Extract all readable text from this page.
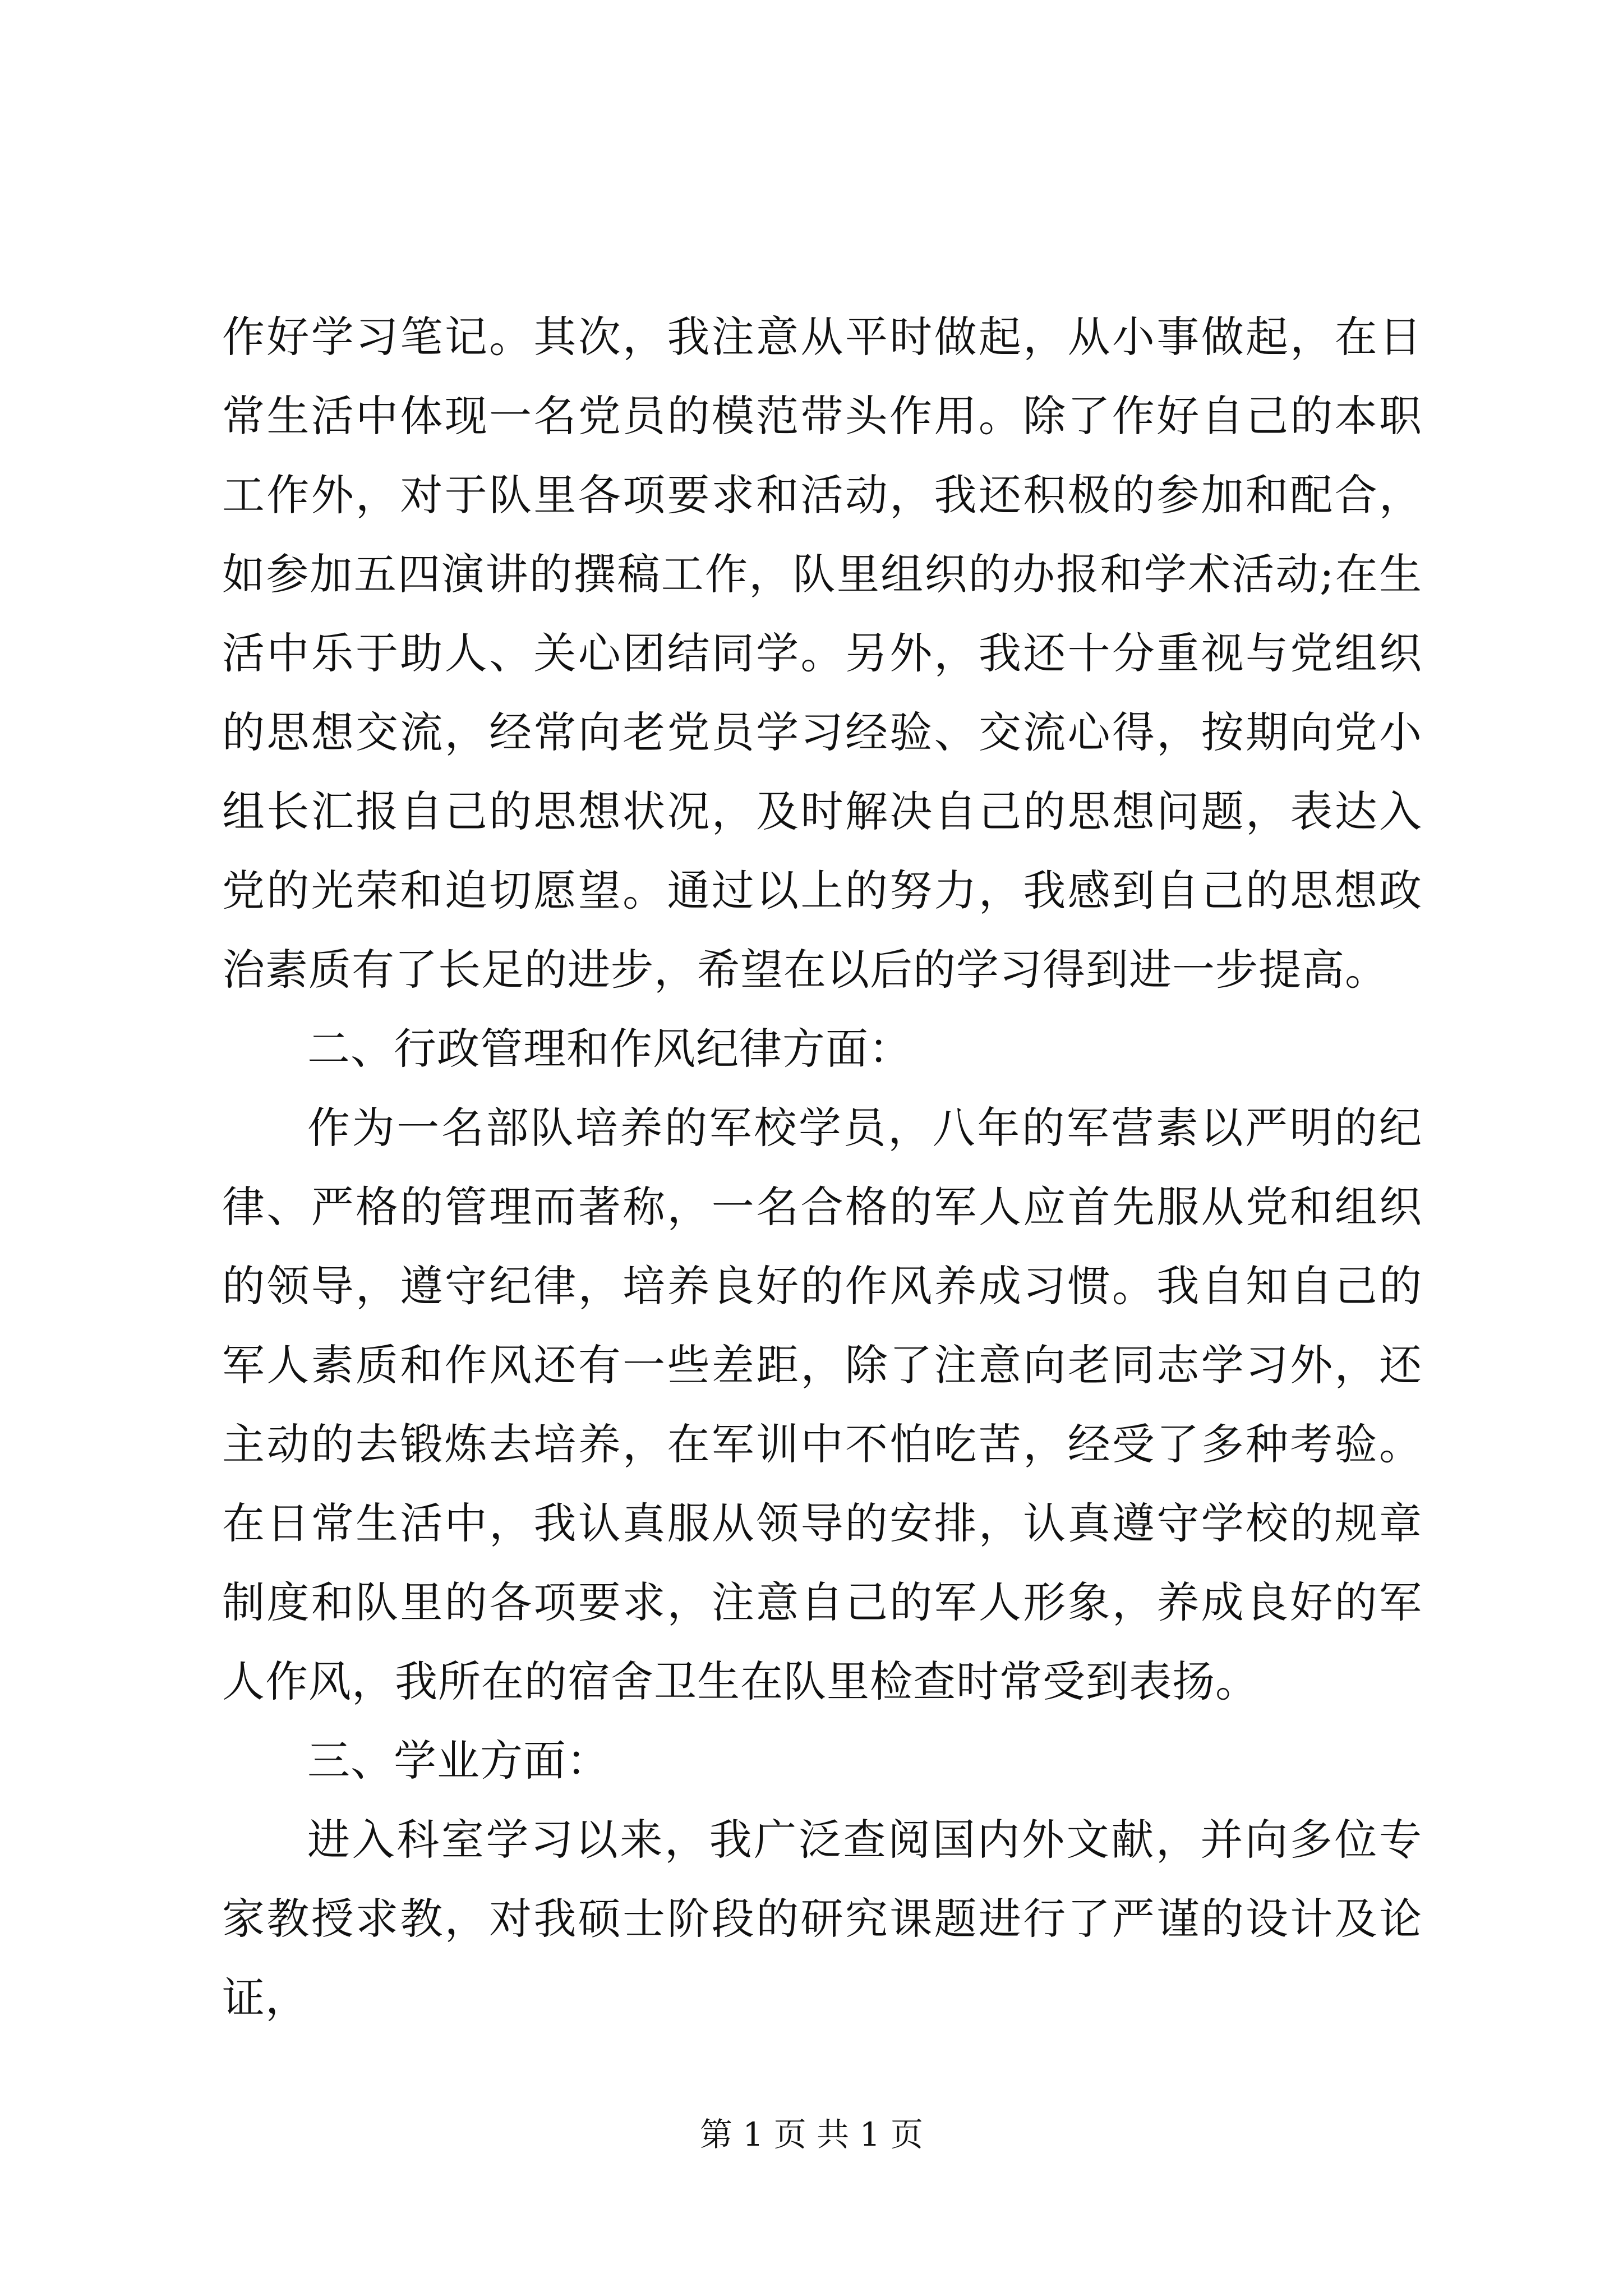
作好学习笔记。其次，我注意从平时做起，从小事做起，在日常生活中体现一名党员的模范带头作用。除了作好自己的本职工作外，对于队里各项要求和活动，我还积极的参加和配合，如参加五四演讲的撰稿工作，队里组织的办报和学术活动;在生活中乐于助人、关心团结同学。另外，我还十分重视与党组织的思想交流，经常向老党员学习经验、交流心得，按期向党小组长汇报自己的思想状况，及时解决自己的思想问题，表达入党的光荣和迫切愿望。通过以上的努力，我感到自己的思想政治素质有了长足的进步，希望在以后的学习得到进一步提高。

二、行政管理和作风纪律方面：

作为一名部队培养的军校学员，八年的军营素以严明的纪律、严格的管理而著称，一名合格的军人应首先服从党和组织的领导，遵守纪律，培养良好的作风养成习惯。我自知自己的军人素质和作风还有一些差距，除了注意向老同志学习外，还主动的去锻炼去培养，在军训中不怕吃苦，经受了多种考验。在日常生活中，我认真服从领导的安排，认真遵守学校的规章制度和队里的各项要求，注意自己的军人形象，养成良好的军人作风，我所在的宿舍卫生在队里检查时常受到表扬。

三、学业方面：

进入科室学习以来，我广泛查阅国内外文献，并向多位专家教授求教，对我硕士阶段的研究课题进行了严谨的设计及论证，

第 1 页 共 1 页
